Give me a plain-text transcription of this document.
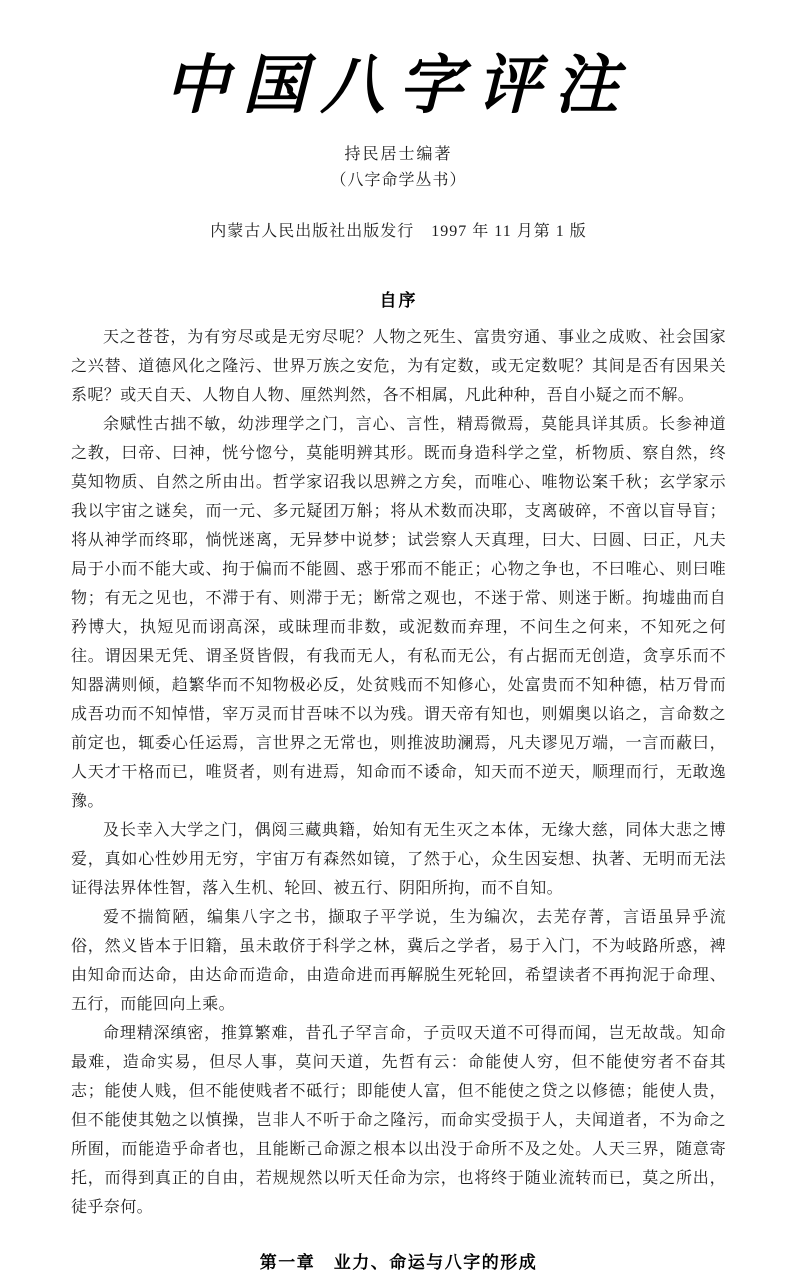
中国八字评注

持民居士编著

（八字命学丛书）

内蒙古人民出版社出版发行　1997 年 11 月第 1 版

自序

天之苍苍，为有穷尽或是无穷尽呢？人物之死生、富贵穷通、事业之成败、社会国家之兴替、道德风化之隆污、世界万族之安危，为有定数，或无定数呢？其间是否有因果关系呢？或天自天、人物自人物、厘然判然，各不相属，凡此种种，吾自小疑之而不解。

余赋性古拙不敏，幼涉理学之门，言心、言性，精焉微焉，莫能具详其质。长参神道之教，曰帝、曰神，恍兮惚兮，莫能明辨其形。既而身造科学之堂，析物质、察自然，终莫知物质、自然之所由出。哲学家诏我以思辨之方矣，而唯心、唯物讼案千秋；玄学家示我以宇宙之谜矣，而一元、多元疑团万斛；将从术数而决耶，支离破碎，不啻以盲导盲；将从神学而终耶，惝恍迷离，无异梦中说梦；试尝察人天真理，曰大、曰圆、曰正，凡夫局于小而不能大或、拘于偏而不能圆、惑于邪而不能正；心物之争也，不曰唯心、则曰唯物；有无之见也，不滞于有、则滞于无；断常之观也，不迷于常、则迷于断。拘墟曲而自矜博大，执短见而诩高深，或昧理而非数，或泥数而弃理，不问生之何来，不知死之何往。谓因果无凭、谓圣贤皆假，有我而无人，有私而无公，有占据而无创造，贪享乐而不知器满则倾，趋繁华而不知物极必反，处贫贱而不知修心，处富贵而不知种德，枯万骨而成吾功而不知悼惜，宰万灵而甘吾味不以为残。谓天帝有知也，则媚奥以谄之，言命数之前定也，辄委心任运焉，言世界之无常也，则推波助澜焉，凡夫谬见万端，一言而蔽曰，人天才干格而已，唯贤者，则有进焉，知命而不诿命，知天而不逆天，顺理而行，无敢逸豫。

及长幸入大学之门，偶阅三藏典籍，始知有无生灭之本体，无缘大慈，同体大悲之博爱，真如心性妙用无穷，宇宙万有森然如镜，了然于心，众生因妄想、执著、无明而无法证得法界体性智，落入生机、轮回、被五行、阴阳所拘，而不自知。

爱不揣简陋，编集八字之书，撷取子平学说，生为编次，去芜存菁，言语虽异乎流俗，然义皆本于旧籍，虽未敢侪于科学之林，冀后之学者，易于入门，不为岐路所惑，裨由知命而达命，由达命而造命，由造命进而再解脱生死轮回，希望读者不再拘泥于命理、五行，而能回向上乘。

命理精深缜密，推算繁难，昔孔子罕言命，子贡叹天道不可得而闻，岂无故哉。知命最难，造命实易，但尽人事，莫问天道，先哲有云：命能使人穷，但不能使穷者不奋其志；能使人贱，但不能使贱者不砥行；即能使人富，但不能使之贷之以修德；能使人贵，但不能使其勉之以慎操，岂非人不听于命之隆污，而命实受损于人，夫闻道者，不为命之所囿，而能造乎命者也，且能断己命源之根本以出没于命所不及之处。人天三界，随意寄托，而得到真正的自由，若规规然以听天任命为宗，也将终于随业流转而已，莫之所出，徒乎奈何。

第一章　业力、命运与八字的形成
